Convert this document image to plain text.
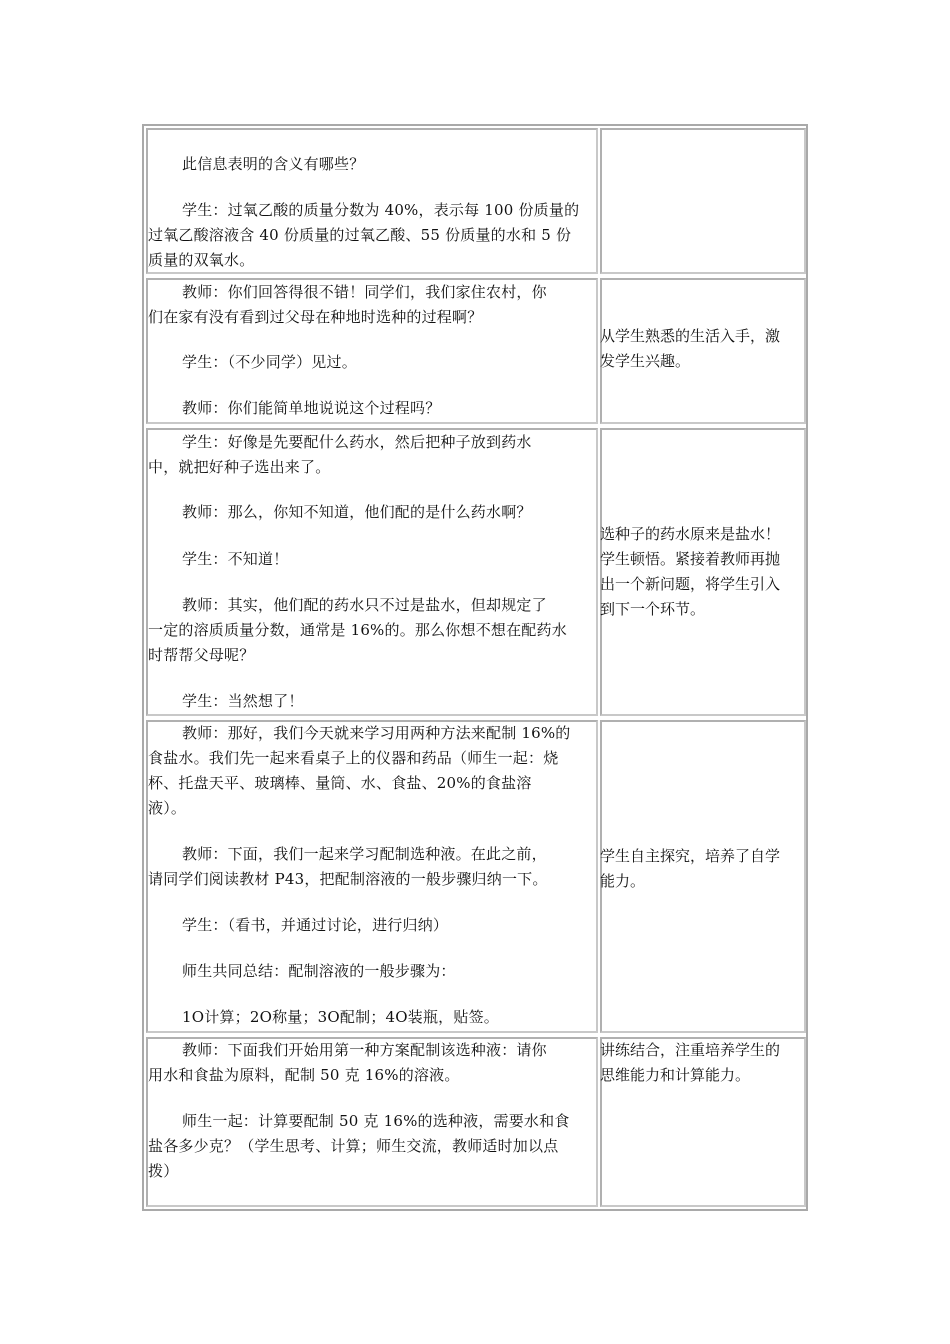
此信息表明的含义有哪些？
学生：过氧乙酸的质量分数为 40%，表示每 100 份质量的
过氧乙酸溶液含 40 份质量的过氧乙酸、55 份质量的水和 5 份
质量的双氧水。
教师：你们回答得很不错！同学们，我们家住农村，你
们在家有没有看到过父母在种地时选种的过程啊？
学生：（不少同学）见过。
教师：你们能简单地说说这个过程吗？
从学生熟悉的生活入手，激
发学生兴趣。
学生：好像是先要配什么药水，然后把种子放到药水
中，就把好种子选出来了。
教师：那么，你知不知道，他们配的是什么药水啊？
学生：不知道！
教师：其实，他们配的药水只不过是盐水，但却规定了
一定的溶质质量分数，通常是 16%的。那么你想不想在配药水
时帮帮父母呢？
学生：当然想了！
选种子的药水原来是盐水！
学生顿悟。紧接着教师再抛
出一个新问题，将学生引入
到下一个环节。
教师：那好，我们今天就来学习用两种方法来配制 16%的
食盐水。我们先一起来看桌子上的仪器和药品（师生一起：烧
杯、托盘天平、玻璃棒、量筒、水、食盐、20%的食盐溶
液）。
教师：下面，我们一起来学习配制选种液。在此之前，
请同学们阅读教材 P43，把配制溶液的一般步骤归纳一下。
学生：（看书，并通过讨论，进行归纳）
师生共同总结：配制溶液的一般步骤为：
1O计算；2O称量；3O配制；4O装瓶，贴签。
学生自主探究，培养了自学
能力。
教师：下面我们开始用第一种方案配制该选种液：请你
用水和食盐为原料，配制 50 克 16%的溶液。
师生一起：计算要配制 50 克 16%的选种液，需要水和食
盐各多少克？（学生思考、计算；师生交流，教师适时加以点
拨）
讲练结合，注重培养学生的
思维能力和计算能力。
